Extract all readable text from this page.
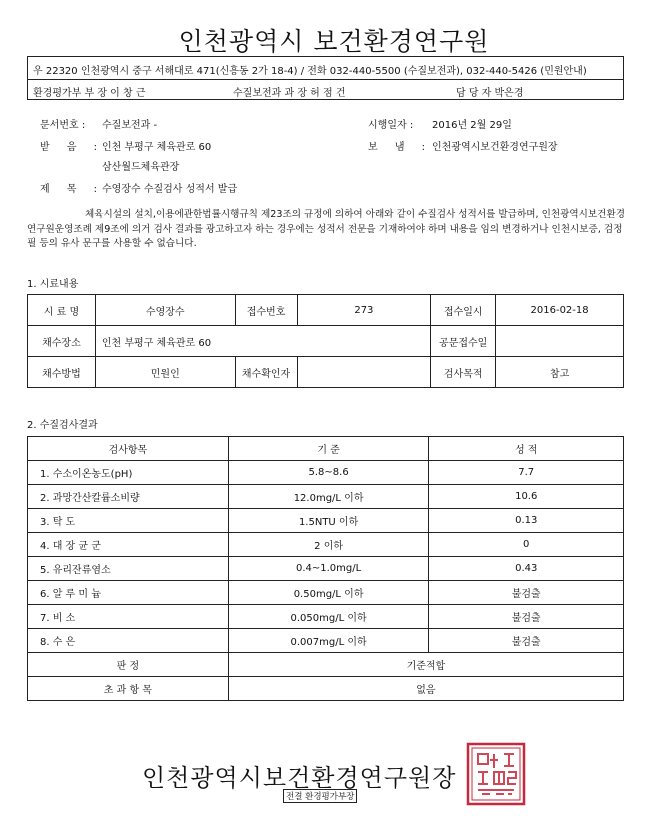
인천광역시 보건환경연구원
우 22320 인천광역시 중구 서해대로 471(신흥동 2가 18-4) / 전화 032-440-5500 (수질보전과), 032-440-5426 (민원안내)
환경평가부 부 장 이 창 근	수질보전과 과 장 허 점 건	담 당 자 박은경
문서번호 : 수질보전과 -	시행일자 : 2016년 2월 29일
받 음 : 인천 부평구 체육관로 60	보 냄 : 인천광역시보건환경연구원장
삼산월드체육관장
제 목 : 수영장수 수질검사 성적서 발급
체육시설의 설치,이용에관한법률시행규칙 제23조의 규정에 의하여 아래와 같이 수질검사 성적서를 발급하며, 인천광역시보건환경연구원운영조례 제9조에 의거 검사 결과를 광고하고자 하는 경우에는 성적서 전문을 기재하여야 하며 내용을 임의 변경하거나 인천시보증, 검정필 등의 유사 문구를 사용할 수 없습니다.
1. 시료내용
시 료 명	수영장수	접수번호	273	접수일시	2016-02-18
채수장소	인천 부평구 체육관로 60			공문접수일	
채수방법	민원인	채수확인자		검사목적	참고
2. 수질검사결과
검사항목	기 준	성 적
1. 수소이온농도(pH)	5.8~8.6	7.7
2. 과망간산칼륨소비량	12.0mg/L 이하	10.6
3. 탁 도	1.5NTU 이하	0.13
4. 대 장 균 군	2 이하	0
5. 유리잔류염소	0.4~1.0mg/L	0.43
6. 알 루 미 늄	0.50mg/L 이하	불검출
7. 비 소	0.050mg/L 이하	불검출
8. 수 은	0.007mg/L 이하	불검출
판 정	기준적합	
초 과 항 목	없음	
인천광역시보건환경연구원장
전결 환경평가부장
